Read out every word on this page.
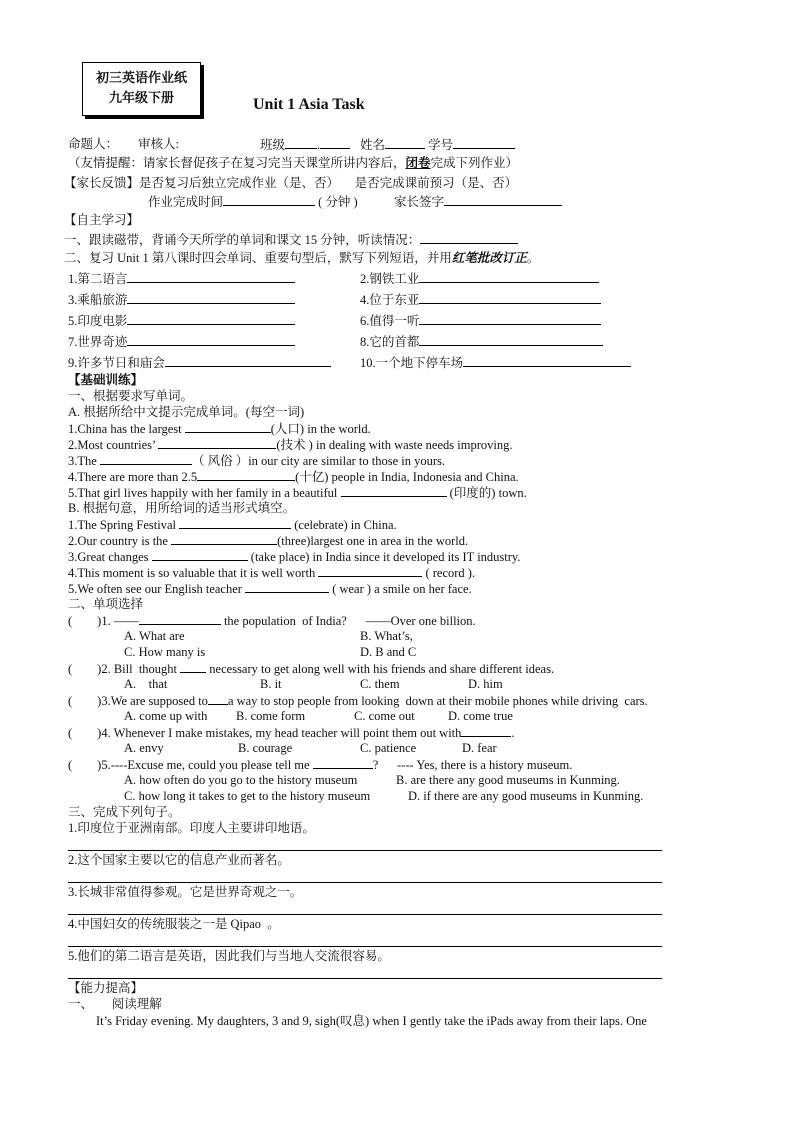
初三英语作业纸
九年级下册	Unit 1 Asia Task
命题人： 审核人:	班级	.	姓名	学号
（友情提醒：请家长督促孩子在复习完当天课堂所讲内容后，闭卷完成下列作业）
【家长反馈】是否复习后独立完成作业（是、否）     是否完成课前预习（是、否）
作业完成时间	( 分钟 )	家长签字
【自主学习】
一、跟读磁带，背诵今天所学的单词和课文 15 分钟，听读情况：
二、复习 Unit 1 第八课时四会单词、重要句型后，默写下列短语，并用红笔批改订正。
1.第二语言	2.钢铁工业
3.乘船旅游	4.位于东亚
5.印度电影	6.值得一听
7.世界奇迹	8.它的首都
9.许多节日和庙会	10.一个地下停车场
【基础训练】
一、根据要求写单词。
A. 根据所给中文提示完成单词。(每空一词)
1.China has the largest	(人口) in the world.
2.Most countries’	(技术 ) in dealing with waste needs improving.
3.The	（ 风俗 ）in our city are similar to those in yours.
4.There are more than 2.5	(十亿) people in India, Indonesia and China.
5.That girl lives happily with her family in a beautiful	(印度的) town.
B. 根据句意，用所给词的适当形式填空。
1.The Spring Festival	(celebrate) in China.
2.Our country is the	(three)largest one in area in the world.
3.Great changes	(take place) in India since it developed its IT industry.
4.This moment is so valuable that it is well worth	( record ).
5.We often see our English teacher	( wear ) a smile on her face.
二、单项选择
(        )1. ——	the population  of India?      ——Over one billion.
A. What are	B. What’s,
C. How many is	D. B and C
(        )2. Bill  thought  necessary to get along well with his friends and share different ideas.
A.    that	B. it	C. them	D. him
(        )3.We are supposed to a way to stop people from looking  down at their mobile phones while driving  cars.
A. come up with B. come form	C. come out	D. come true
(        )4. Whenever I make mistakes, my head teacher will point them out with	.
A. envy	B. courage	C. patience	D. fear
(        )5.----Excuse me, could you please tell me	?      ---- Yes, there is a history museum.
A. how often do you go to the history museum	B. are there any good museums in Kunming.
C. how long it takes to get to the history museum	D. if there are any good museums in Kunming.
三、完成下列句子。
1.印度位于亚洲南部。印度人主要讲印地语。
2.这个国家主要以它的信息产业而著名。
3.长城非常值得参观。它是世界奇观之一。
4.中国妇女的传统服装之一是 Qipao  。
5.他们的第二语言是英语，因此我们与当地人交流很容易。
【能力提高】
一、      阅读理解
It’s Friday evening. My daughters, 3 and 9, sigh(叹息) when I gently take the iPads away from their laps. One
